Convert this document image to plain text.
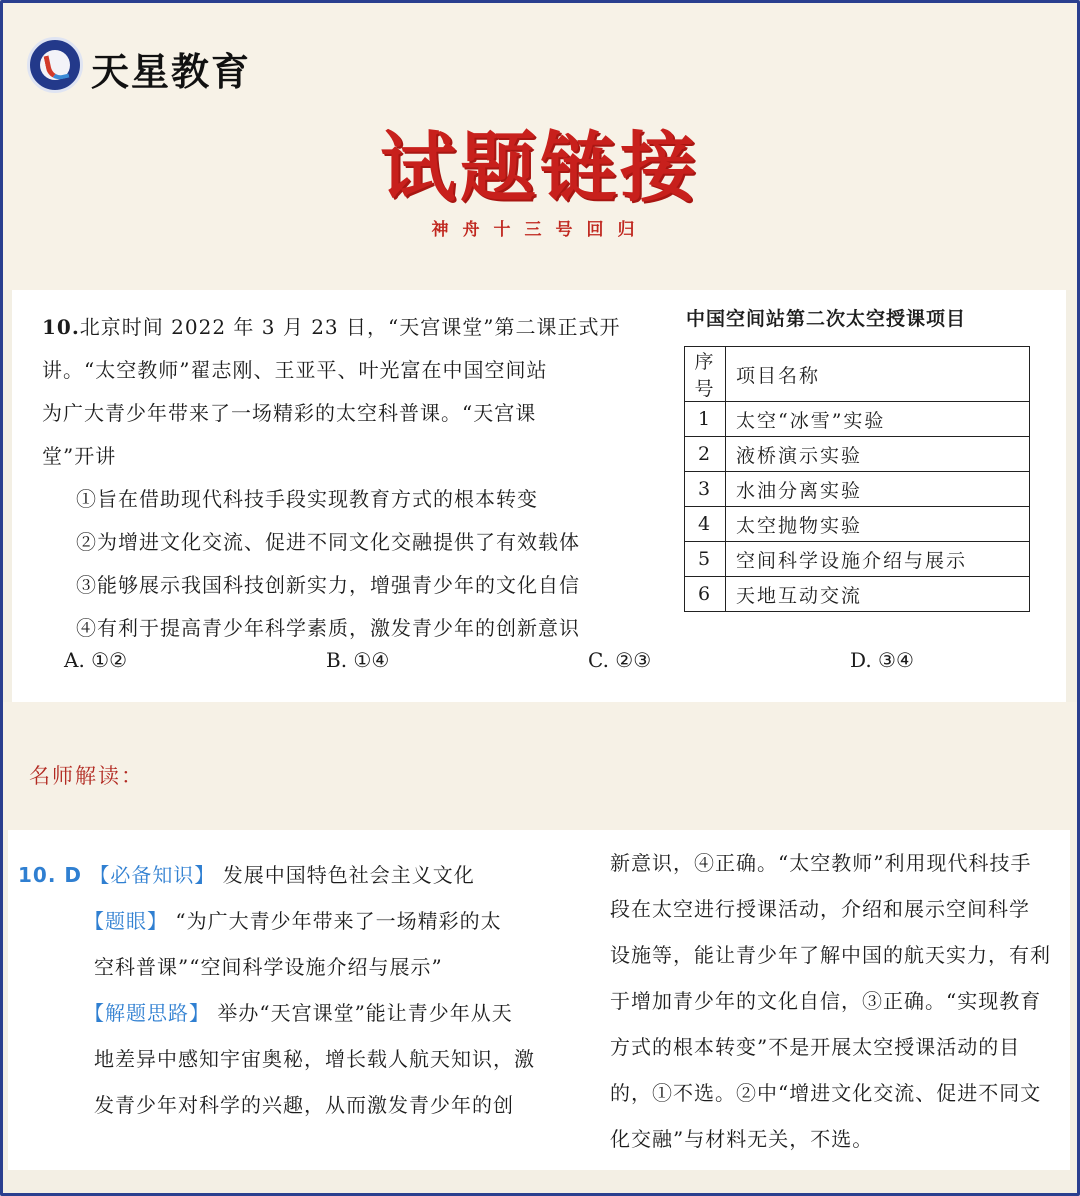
天星教育
试题链接
神舟十三号回归

10.北京时间 2022 年 3 月 23 日，“天宫课堂”第二课正式开

讲。“太空教师”翟志刚、王亚平、叶光富在中国空间站

为广大青少年带来了一场精彩的太空科普课。“天宫课

堂”开讲

①旨在借助现代科技手段实现教育方式的根本转变

②为增进文化交流、促进不同文化交融提供了有效载体

③能够展示我国科技创新实力，增强青少年的文化自信

④有利于提高青少年科学素质，激发青少年的创新意识

中国空间站第二次太空授课项目
序号	项目名称
1	太空“冰雪”实验
2	液桥演示实验
3	水油分离实验
4	太空抛物实验
5	空间科学设施介绍与展示
6	天地互动交流
A. ①②	B. ①④	C. ②③	D. ③④
名师解读：

10. D 【必备知识】 发展中国特色社会主义文化

【题眼】 “为广大青少年带来了一场精彩的太

空科普课”“空间科学设施介绍与展示”

【解题思路】 举办“天宫课堂”能让青少年从天

地差异中感知宇宙奥秘，增长载人航天知识，激

发青少年对科学的兴趣，从而激发青少年的创

新意识，④正确。“太空教师”利用现代科技手

段在太空进行授课活动，介绍和展示空间科学

设施等，能让青少年了解中国的航天实力，有利

于增加青少年的文化自信，③正确。“实现教育

方式的根本转变”不是开展太空授课活动的目

的，①不选。②中“增进文化交流、促进不同文

化交融”与材料无关，不选。
